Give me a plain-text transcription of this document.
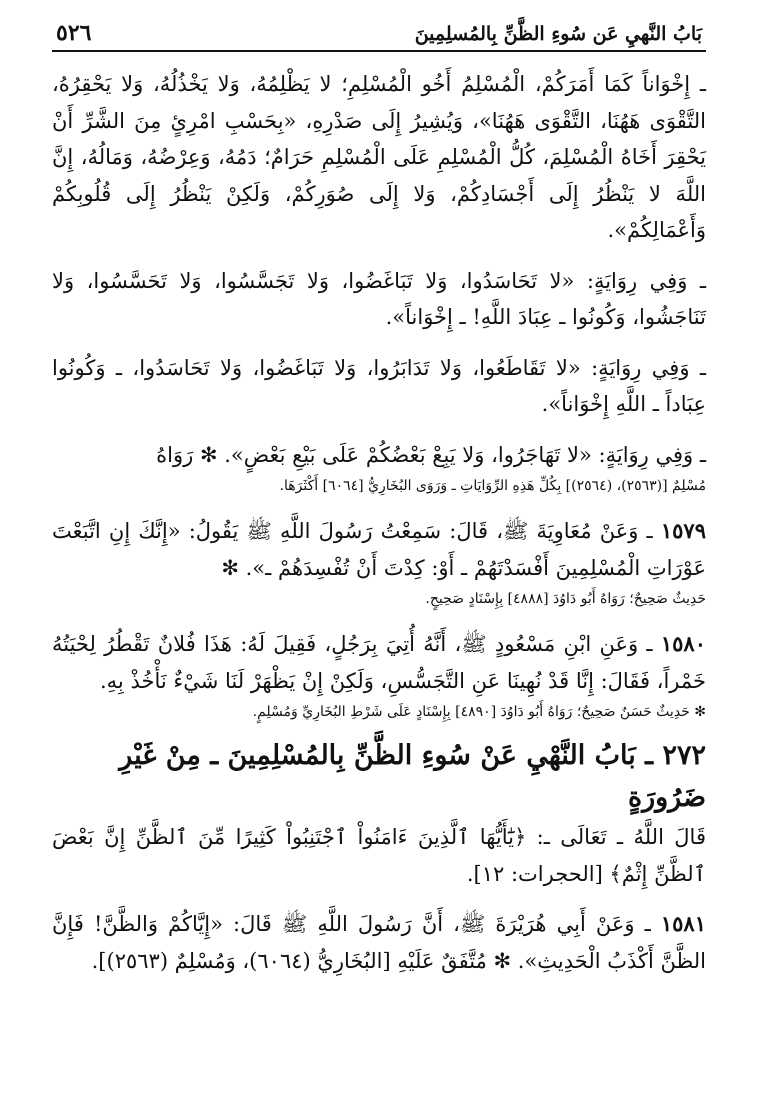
بَابُ النَّهيِ عَن سُوءِ الظَّنِّ بِالمُسلِمِينَ
٥٢٦
ـ إِخْوَاناً كَمَا أَمَرَكُمْ، الْمُسْلِمُ أَخُو الْمُسْلِمِ؛ لا يَظْلِمُهُ، وَلا يَخْذُلُهُ، وَلا يَحْقِرُهُ، التَّقْوَى هَهُنَا، التَّقْوَى هَهُنَا»، وَيُشِيرُ إِلَى صَدْرِهِ، «بِحَسْبِ امْرِئٍ مِنَ الشَّرِّ أَنْ يَحْقِرَ أَخَاهُ الْمُسْلِمَ، كُلُّ الْمُسْلِمِ عَلَى الْمُسْلِمِ حَرَامٌ؛ دَمُهُ، وَعِرْضُهُ، وَمَالُهُ، إِنَّ اللَّهَ لا يَنْظُرُ إِلَى أَجْسَادِكُمْ، وَلا إِلَى صُوَرِكُمْ، وَلَكِنْ يَنْظُرُ إِلَى قُلُوبِكُمْ وَأَعْمَالِكُمْ».
ـ وَفِي رِوَايَةٍ: «لا تَحَاسَدُوا، وَلا تَبَاغَضُوا، وَلا تَجَسَّسُوا، وَلا تَحَسَّسُوا، وَلا تَنَاجَشُوا، وَكُونُوا ـ عِبَادَ اللَّهِ! ـ إِخْوَاناً».
ـ وَفِي رِوَايَةٍ: «لا تَقَاطَعُوا، وَلا تَدَابَرُوا، وَلا تَبَاغَضُوا، وَلا تَحَاسَدُوا، ـ وَكُونُوا عِبَاداً ـ اللَّهِ إِخْوَاناً».
ـ وَفِي رِوَايَةٍ: «لا تَهَاجَرُوا، وَلا يَبِعْ بَعْضُكُمْ عَلَى بَيْعِ بَعْضٍ». ✻ رَوَاهُ
مُسْلِمٌ [(٢٥٦٣)، (٢٥٦٤)] بِكُلِّ هَذِهِ الرِّوَايَاتِ ـ وَرَوَى البُخَارِيُّ [٦٠٦٤] أَكْثَرَهَا.
١٥٧٩ ـ وَعَنْ مُعَاوِيَةَ ﷺ، قَالَ: سَمِعْتُ رَسُولَ اللَّهِ ﷺ يَقُولُ: «إِنَّكَ إِنِ اتَّبَعْتَ عَوْرَاتِ الْمُسْلِمِينَ أَفْسَدْتَهُمْ ـ أَوْ: كِدْتَ أَنْ تُفْسِدَهُمْ ـ». ✻
حَدِيثٌ صَحِيحٌ؛ رَوَاهُ أَبُو دَاوُدَ [٤٨٨٨] بِإِسْنَادٍ صَحِيحٍ.
١٥٨٠ ـ وَعَنِ ابْنِ مَسْعُودٍ ﷺ، أَنَّهُ أُتِيَ بِرَجُلٍ، فَقِيلَ لَهُ: هَذَا فُلانٌ تَقْطُرُ لِحْيَتُهُ خَمْراً، فَقَالَ: إِنَّا قَدْ نُهِينَا عَنِ التَّجَسُّسِ، وَلَكِنْ إِنْ يَظْهَرْ لَنَا شَيْءٌ نَأْخُذْ بِهِ.
✻ حَدِيثٌ حَسَنٌ صَحِيحٌ؛ رَوَاهُ أَبُو دَاوُدَ [٤٨٩٠] بِإِسْنَادٍ عَلَى شَرْطِ البُخَارِيِّ وَمُسْلِمٍ.
٢٧٢ ـ بَابُ النَّهْيِ عَنْ سُوءِ الظَّنِّ بِالمُسْلِمِينَ ـ مِنْ غَيْرِ ضَرُورَةٍ
قَالَ اللَّهُ ـ تَعَالَى ـ: ﴿يَٰٓأَيُّهَا ٱلَّذِينَ ءَامَنُواْ ٱجْتَنِبُواْ كَثِيرًا مِّنَ ٱلظَّنِّ إِنَّ بَعْضَ ٱلظَّنِّ إِثْمٌ﴾ [الحجرات: ١٢].
١٥٨١ ـ وَعَنْ أَبِي هُرَيْرَةَ ﷺ، أَنَّ رَسُولَ اللَّهِ ﷺ قَالَ: «إِيَّاكُمْ وَالظَّنَّ! فَإِنَّ الظَّنَّ أَكْذَبُ الْحَدِيثِ». ✻ مُتَّفَقٌ عَلَيْهِ [البُخَارِيُّ (٦٠٦٤)، وَمُسْلِمٌ (٢٥٦٣)].
